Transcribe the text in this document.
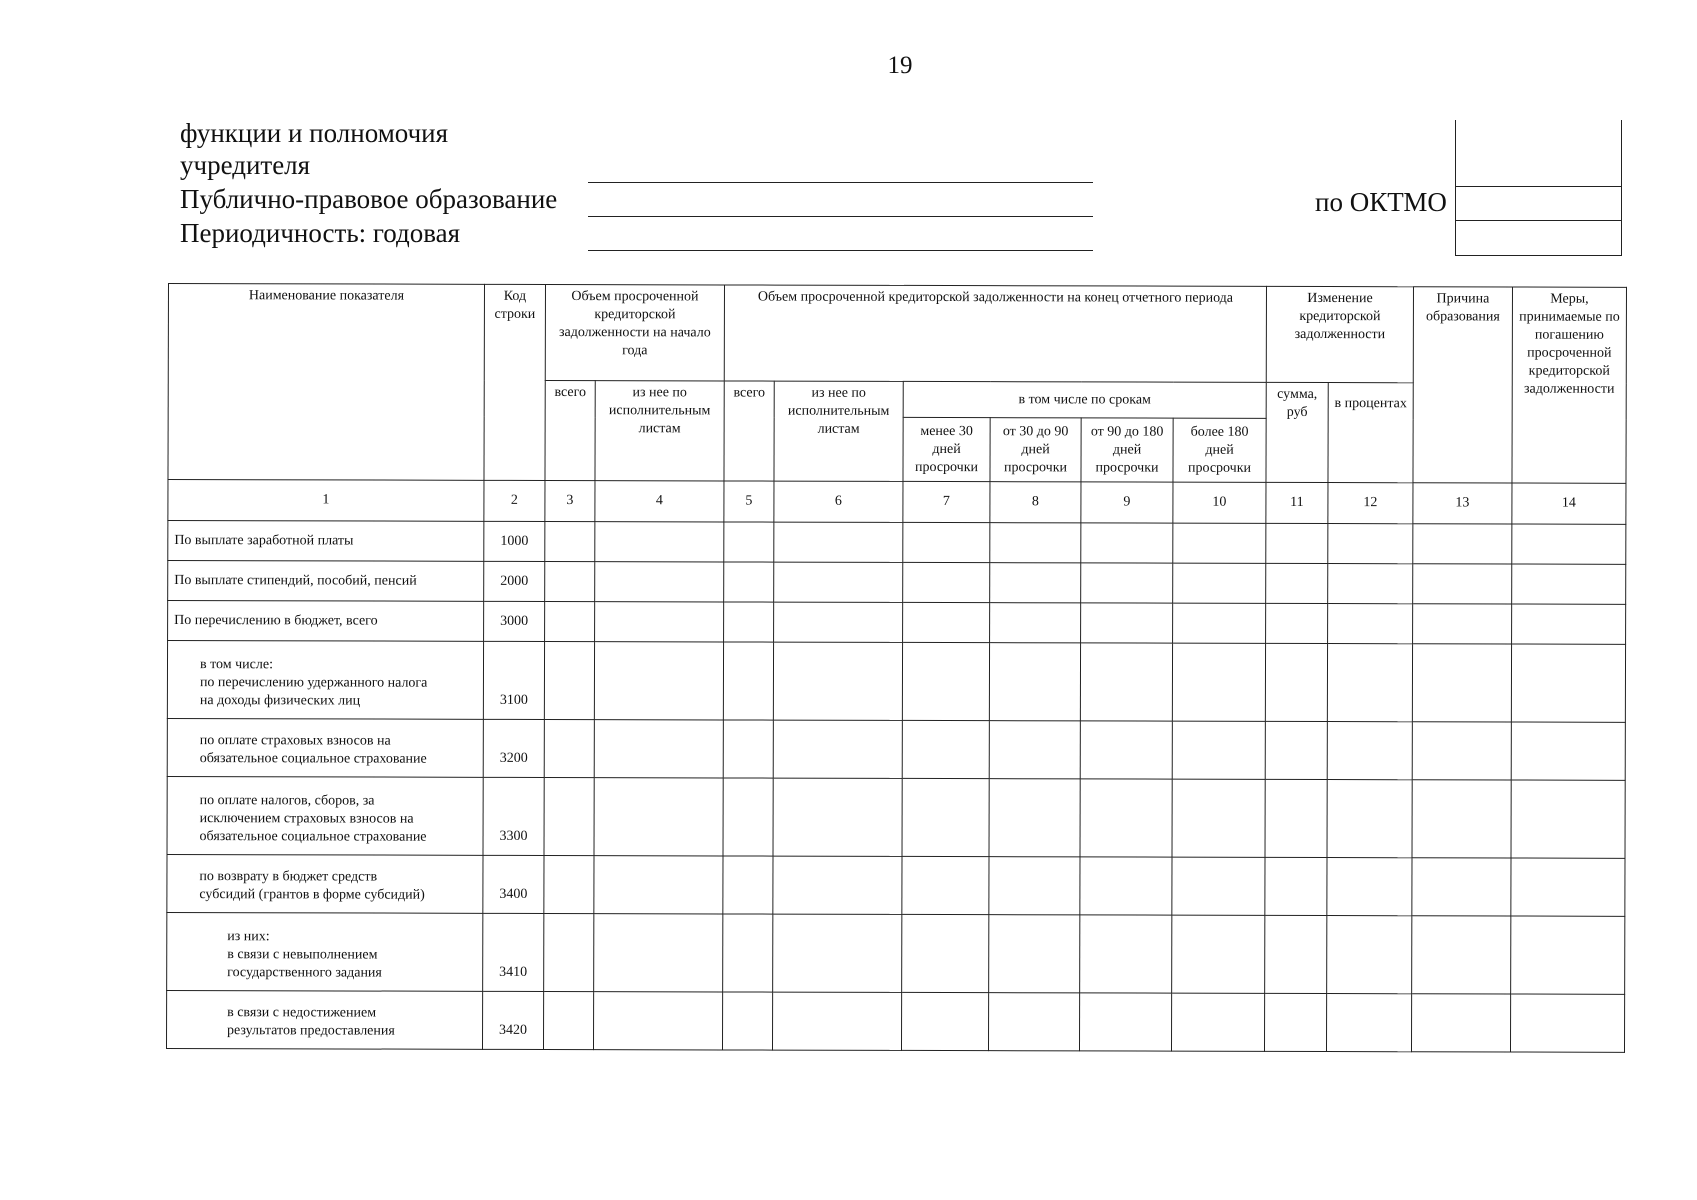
19
функции и полномочия
учредителя
Публично-правовое образование
Периодичность: годовая
по ОКТМО
Наименование показателя	Код строки	Объем просроченной кредиторской задолженности на начало года		Объем просроченной кредиторской задолженности на конец отчетного периода						Изменение кредиторской задолженности		Причина образования	Меры, принимаемые по погашению просроченной кредиторской задолженности
		всего	из нее по исполнительным листам	всего	из нее по исполнительным листам	в том числе по срокам				сумма, руб	в процентах		
						менее 30 дней просрочки	от 30 до 90 дней просрочки	от 90 до 180 дней просрочки	более 180 дней просрочки				
1	2	3	4	5	6	7	8	9	10	11	12	13	14

По выплате заработной платы	1000												

По выплате стипендий, пособий, пенсий	2000												

По перечислению в бюджет, всего	3000												

в том числе:
по перечислению удержанного налога
на доходы физических лиц	3100												

по оплате страховых взносов на
обязательное социальное страхование	3200												

по оплате налогов, сборов, за
исключением страховых взносов на
обязательное социальное страхование	3300												

по возврату в бюджет средств
субсидий (грантов в форме субсидий)	3400												

из них:
в связи с невыполнением
государственного задания	3410												

в связи с недостижением
результатов предоставления	3420												
